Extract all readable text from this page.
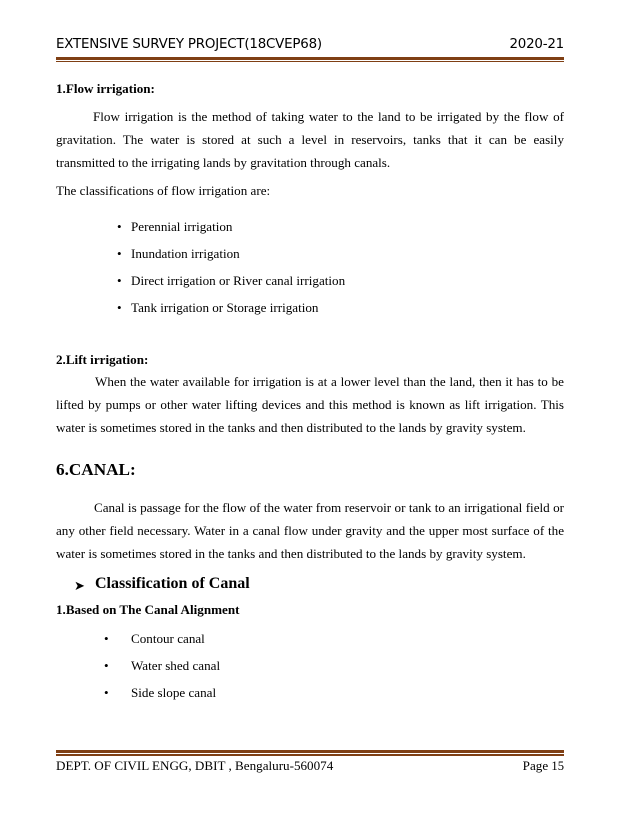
EXTENSIVE SURVEY PROJECT(18CVEP68)	2020-21
1.Flow irrigation:
Flow irrigation is the method of taking water to the land to be irrigated by the flow of gravitation. The water is stored at such a level in reservoirs, tanks that it can be easily transmitted to the irrigating lands by gravitation through canals.
The classifications of flow irrigation are:
• Perennial irrigation
• Inundation irrigation
• Direct irrigation or River canal irrigation
• Tank irrigation or Storage irrigation
2.Lift irrigation:
When the water available for irrigation is at a lower level than the land, then it has to be lifted by pumps or other water lifting devices and this method is known as lift irrigation. This water is sometimes stored in the tanks and then distributed to the lands by gravity system.
6.CANAL:
Canal is passage for the flow of the water from reservoir or tank to an irrigational field or any other field necessary. Water in a canal flow under gravity and the upper most surface of the water is sometimes stored in the tanks and then distributed to the lands by gravity system.
➤ Classification of Canal
1.Based on The Canal Alignment
• Contour canal
• Water shed canal
• Side slope canal
DEPT. OF CIVIL ENGG, DBIT , Bengaluru-560074	Page 15
